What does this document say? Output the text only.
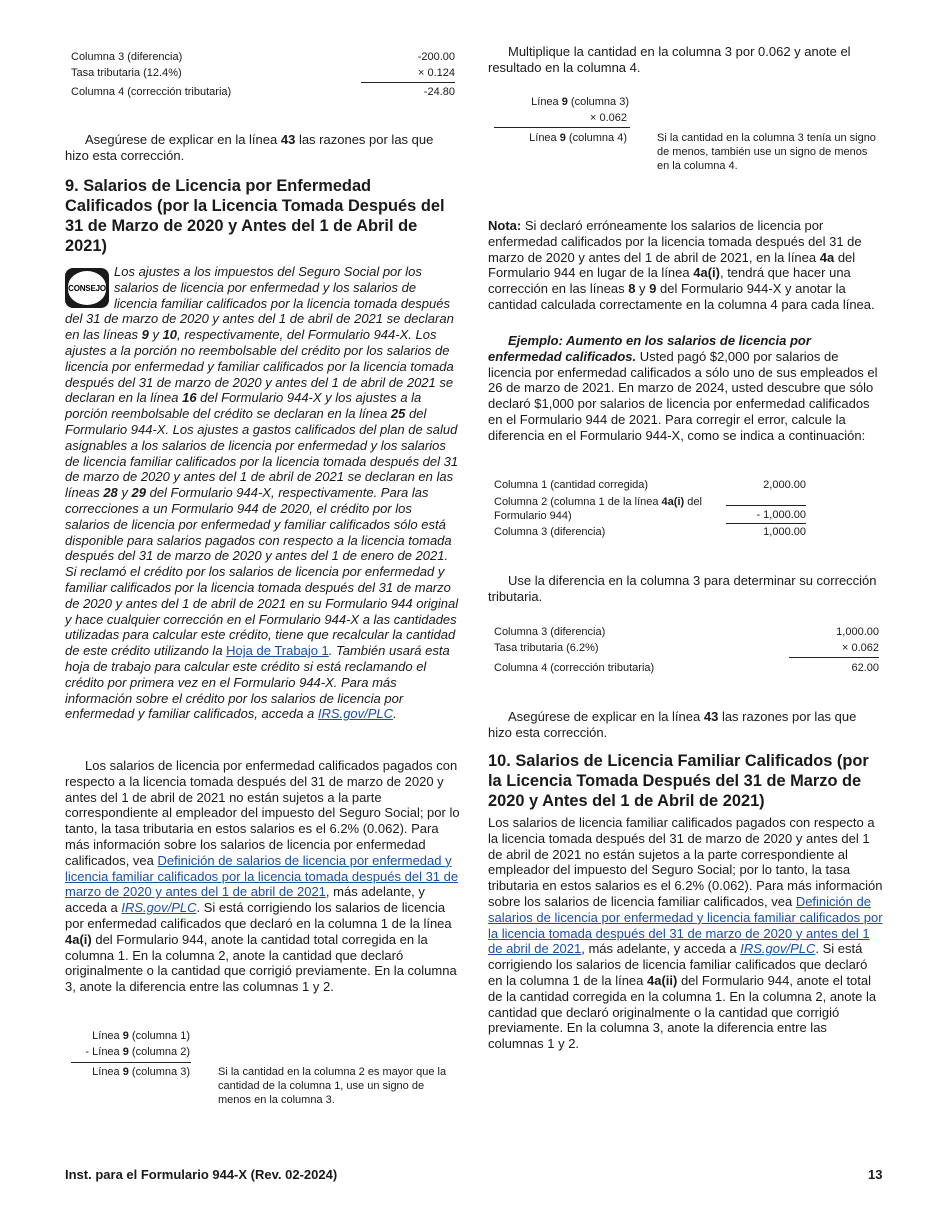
Columna 3 (diferencia)	-200.00
Tasa tributaria (12.4%)	× 0.124
Columna 4 (corrección tributaria)	-24.80

Asegúrese de explicar en la línea 43 las razones por las que hizo esta corrección.

9. Salarios de Licencia por Enfermedad Calificados (por la Licencia Tomada Después del 31 de Marzo de 2020 y Antes del 1 de Abril de 2021)
CONSEJO

Los ajustes a los impuestos del Seguro Social por los salarios de licencia por enfermedad y los salarios de licencia familiar calificados por la licencia tomada después del 31 de marzo de 2020 y antes del 1 de abril de 2021 se declaran en las líneas 9 y 10, respectivamente, del Formulario 944-X. Los ajustes a la porción no reembolsable del crédito por los salarios de licencia por enfermedad y familiar calificados por la licencia tomada después del 31 de marzo de 2020 y antes del 1 de abril de 2021 se declaran en la línea 16 del Formulario 944-X y los ajustes a la porción reembolsable del crédito se declaran en la línea 25 del Formulario 944-X. Los ajustes a gastos calificados del plan de salud asignables a los salarios de licencia por enfermedad y los salarios de licencia familiar calificados por la licencia tomada después del 31 de marzo de 2020 y antes del 1 de abril de 2021 se declaran en las líneas 28 y 29 del Formulario 944-X, respectivamente. Para las correcciones a un Formulario 944 de 2020, el crédito por los salarios de licencia por enfermedad y familiar calificados sólo está disponible para salarios pagados con respecto a la licencia tomada después del 31 de marzo de 2020 y antes del 1 de enero de 2021. Si reclamó el crédito por los salarios de licencia por enfermedad y familiar calificados por la licencia tomada después del 31 de marzo de 2020 y antes del 1 de abril de 2021 en su Formulario 944 original y hace cualquier corrección en el Formulario 944-X a las cantidades utilizadas para calcular este crédito, tiene que recalcular la cantidad de este crédito utilizando la Hoja de Trabajo 1. También usará esta hoja de trabajo para calcular este crédito si está reclamando el crédito por primera vez en el Formulario 944-X. Para más información sobre el crédito por los salarios de licencia por enfermedad y familiar calificados, acceda a IRS.gov/PLC.

Los salarios de licencia por enfermedad calificados pagados con respecto a la licencia tomada después del 31 de marzo de 2020 y antes del 1 de abril de 2021 no están sujetos a la parte correspondiente al empleador del impuesto del Seguro Social; por lo tanto, la tasa tributaria en estos salarios es el 6.2% (0.062). Para más información sobre los salarios de licencia por enfermedad calificados, vea Definición de salarios de licencia por enfermedad y licencia familiar calificados por la licencia tomada después del 31 de marzo de 2020 y antes del 1 de abril de 2021, más adelante, y acceda a IRS.gov/PLC. Si está corrigiendo los salarios de licencia por enfermedad calificados que declaró en la columna 1 de la línea 4a(i) del Formulario 944, anote la cantidad total corregida en la columna 1. En la columna 2, anote la cantidad que declaró originalmente o la cantidad que corrigió previamente. En la columna 3, anote la diferencia entre las columnas 1 y 2.

Línea 9 (columna 1)
- Línea 9 (columna 2)
Línea 9 (columna 3)	Si la cantidad en la columna 2 es mayor que la cantidad de la columna 1, use un signo de menos en la columna 3.

Multiplique la cantidad en la columna 3 por 0.062 y anote el resultado en la columna 4.

Línea 9 (columna 3)
× 0.062
Línea 9 (columna 4)	Si la cantidad en la columna 3 tenía un signo de menos, también use un signo de menos en la columna 4.

Nota: Si declaró erróneamente los salarios de licencia por enfermedad calificados por la licencia tomada después del 31 de marzo de 2020 y antes del 1 de abril de 2021, en la línea 4a del Formulario 944 en lugar de la línea 4a(i), tendrá que hacer una corrección en las líneas 8 y 9 del Formulario 944-X y anotar la cantidad calculada correctamente en la columna 4 para cada línea.

Ejemplo: Aumento en los salarios de licencia por enfermedad calificados. Usted pagó $2,000 por salarios de licencia por enfermedad calificados a sólo uno de sus empleados el 26 de marzo de 2021. En marzo de 2024, usted descubre que sólo declaró $1,000 por salarios de licencia por enfermedad calificados en el Formulario 944 de 2021. Para corregir el error, calcule la diferencia en el Formulario 944-X, como se indica a continuación:

Columna 1 (cantidad corregida)	2,000.00
Columna 2 (columna 1 de la línea 4a(i) del
Formulario 944)	- 1,000.00
Columna 3 (diferencia)	1,000.00

Use la diferencia en la columna 3 para determinar su corrección tributaria.

Columna 3 (diferencia)	1,000.00
Tasa tributaria (6.2%)	× 0.062
Columna 4 (corrección tributaria)	62.00

Asegúrese de explicar en la línea 43 las razones por las que hizo esta corrección.

10. Salarios de Licencia Familiar Calificados (por la Licencia Tomada Después del 31 de Marzo de 2020 y Antes del 1 de Abril de 2021)

Los salarios de licencia familiar calificados pagados con respecto a la licencia tomada después del 31 de marzo de 2020 y antes del 1 de abril de 2021 no están sujetos a la parte correspondiente al empleador del impuesto del Seguro Social; por lo tanto, la tasa tributaria en estos salarios es el 6.2% (0.062). Para más información sobre los salarios de licencia familiar calificados, vea Definición de salarios de licencia por enfermedad y licencia familiar calificados por la licencia tomada después del 31 de marzo de 2020 y antes del 1 de abril de 2021, más adelante, y acceda a IRS.gov/PLC. Si está corrigiendo los salarios de licencia familiar calificados que declaró en la columna 1 de la línea 4a(ii) del Formulario 944, anote el total de la cantidad corregida en la columna 1. En la columna 2, anote la cantidad que declaró originalmente o la cantidad que corrigió previamente. En la columna 3, anote la diferencia entre las columnas 1 y 2.

Inst. para el Formulario 944-X (Rev. 02-2024)	13
